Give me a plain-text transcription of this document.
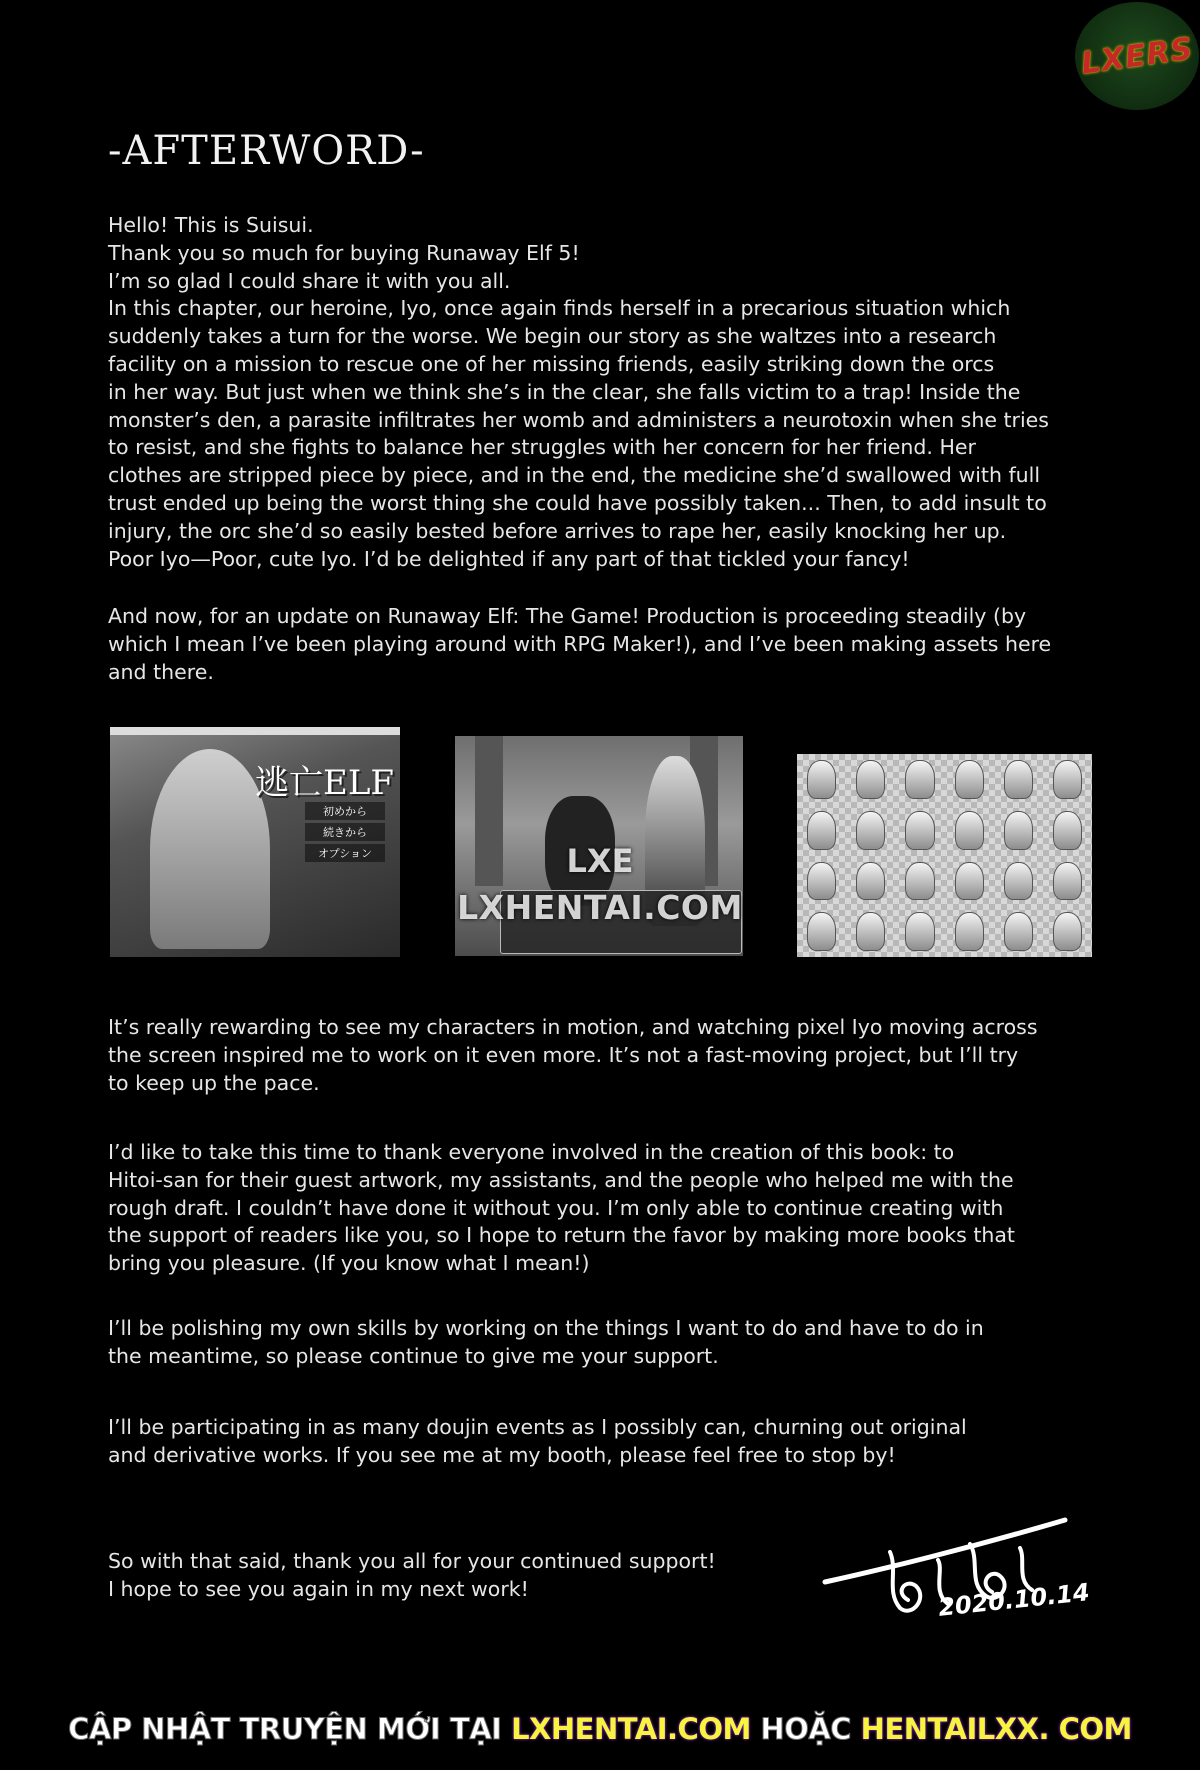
LXERS
-AFTERWORD-

Hello! This is Suisui.
Thank you so much for buying Runaway Elf 5!
I’m so glad I could share it with you all.
In this chapter, our heroine, Iyo, once again finds herself in a precarious situation which
suddenly takes a turn for the worse. We begin our story as she waltzes into a research
facility on a mission to rescue one of her missing friends, easily striking down the orcs
in her way. But just when we think she’s in the clear, she falls victim to a trap! Inside the
monster’s den, a parasite infiltrates her womb and administers a neurotoxin when she tries
to resist, and she fights to balance her struggles with her concern for her friend. Her
clothes are stripped piece by piece, and in the end, the medicine she’d swallowed with full
trust ended up being the worst thing she could have possibly taken... Then, to add insult to
injury, the orc she’d so easily bested before arrives to rape her, easily knocking her up.
Poor Iyo—Poor, cute Iyo. I’d be delighted if any part of that tickled your fancy!

And now, for an update on Runaway Elf: The Game! Production is proceeding steadily (by
which I mean I’ve been playing around with RPG Maker!), and I’ve been making assets here
and there.

逃亡ELF
初めから
続きから
オプション	LXE
LXHENTAI.COM

It’s really rewarding to see my characters in motion, and watching pixel Iyo moving across
the screen inspired me to work on it even more. It’s not a fast-moving project, but I’ll try
to keep up the pace.

I’d like to take this time to thank everyone involved in the creation of this book: to
Hitoi-san for their guest artwork, my assistants, and the people who helped me with the
rough draft. I couldn’t have done it without you. I’m only able to continue creating with
the support of readers like you, so I hope to return the favor by making more books that
bring you pleasure. (If you know what I mean!)

I’ll be polishing my own skills by working on the things I want to do and have to do in
the meantime, so please continue to give me your support.

I’ll be participating in as many doujin events as I possibly can, churning out original
and derivative works. If you see me at my booth, please feel free to stop by!

So with that said, thank you all for your continued support!
I hope to see you again in my next work!	2020.10.14
CẬP NHẬT TRUYỆN MỚI TẠI LXHENTAI.COM HOẶC HENTAILXX. COM
